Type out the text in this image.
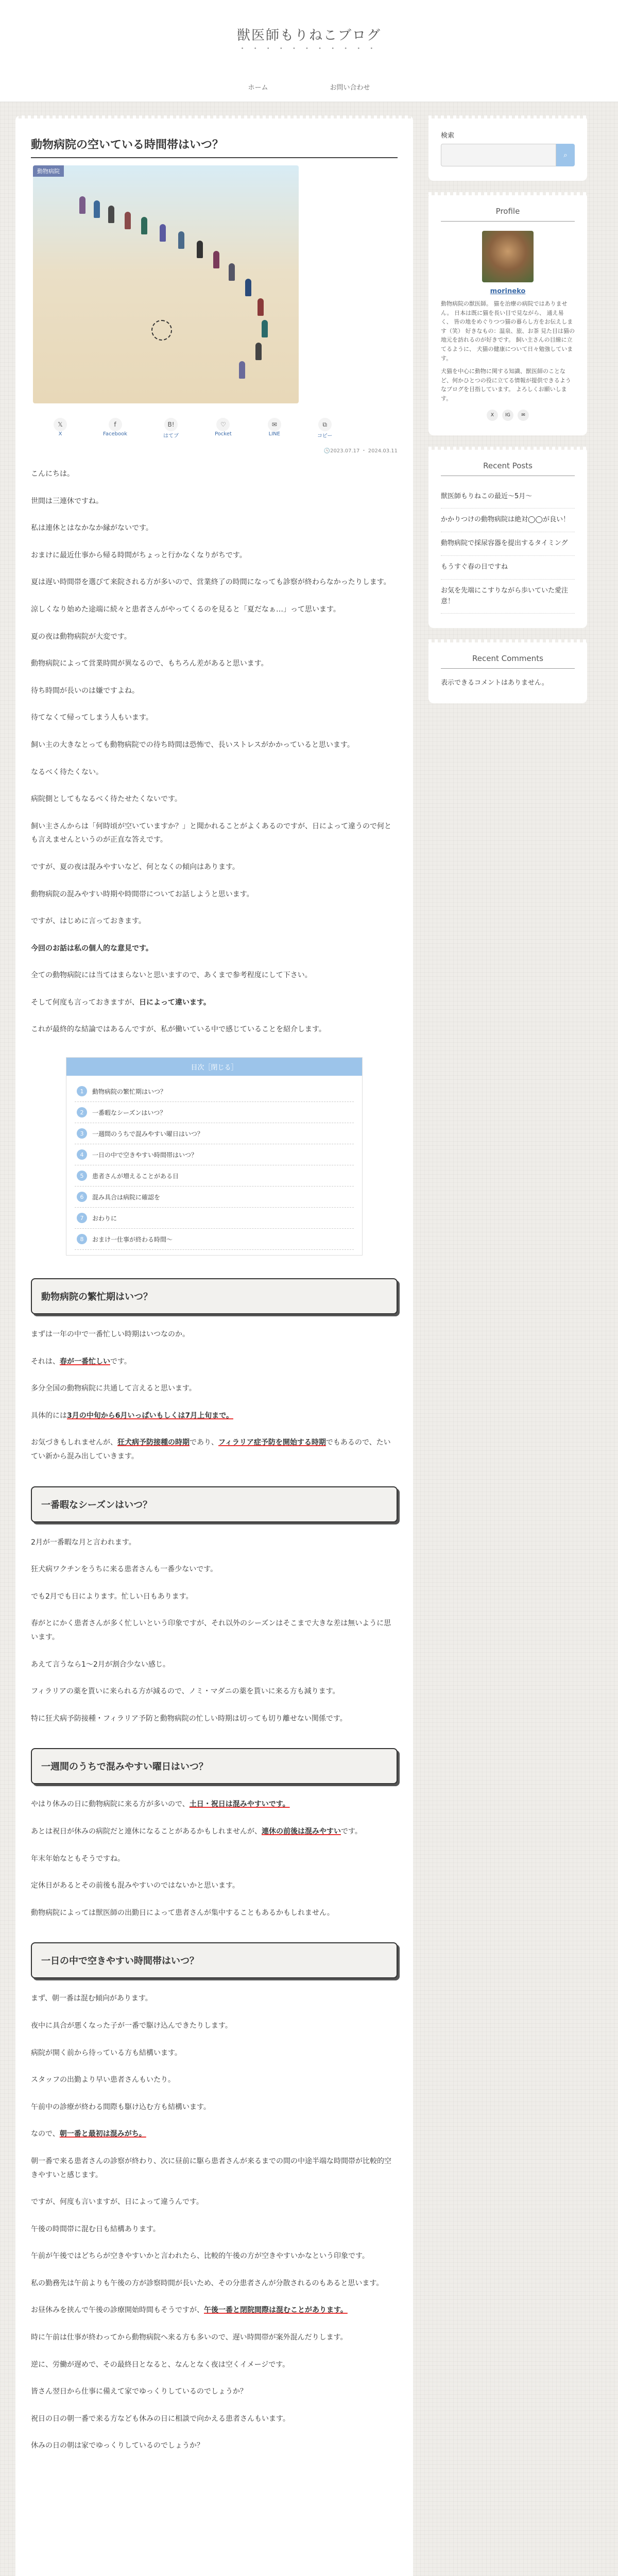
獣医師もりねこブログ
• • • • • • • • • • •
ホーム	お問い合わせ
動物病院の空いている時間帯はいつ？
動物病院
𝕏
X
f
Facebook
B!
はてブ
♡
Pocket
✉
LINE
⧉
コピー
🕓2023.07.17 ・ 2024.03.11

こんにちは。

世間は三連休ですね。

私は連休とはなかなか縁がないです。

おまけに最近仕事から帰る時間がちょっと行かなくなりがちです。

夏は遅い時間帯を選びて来院される方が多いので、営業終了の時間になっても診察が終わらなかったりします。

涼しくなり始めた途端に続々と患者さんがやってくるのを見ると「夏だなぁ…」って思います。

夏の夜は動物病院が大変です。

動物病院によって営業時間が異なるので、もちろん差があると思います。

待ち時間が長いのは嫌ですよね。

待てなくて帰ってしまう人もいます。

飼い主の大きなとっても動物病院での待ち時間は恐怖で、長いストレスがかかっていると思います。

なるべく待たくない。

病院側としてもなるべく待たせたくないです。

飼い主さんからは「何時頃が空いていますか？」と聞かれることがよくあるのですが、日によって違うので何とも言えませんというのが正直な答えです。

ですが、夏の夜は混みやすいなど、何となくの傾向はあります。

動物病院の混みやすい時期や時間帯についてお話しようと思います。

ですが、はじめに言っておきます。

今回のお話は私の個人的な意見です。

全ての動物病院には当てはまらないと思いますので、あくまで参考程度にして下さい。

そして何度も言っておきますが、日によって違います。

これが最終的な結論ではあるんですが、私が働いている中で感じていることを紹介します。

目次［閉じる］
1	動物病院の繁忙期はいつ？
2	一番暇なシーズンはいつ？
3	一週間のうちで混みやすい曜日はいつ？
4	一日の中で空きやすい時間帯はいつ？
5	患者さんが増えることがある日
6	混み具合は病院に確認を
7	おわりに
8	おまけ一仕事が終わる時間〜
動物病院の繁忙期はいつ？

まずは一年の中で一番忙しい時期はいつなのか。

それは、春が一番忙しいです。

多分全国の動物病院に共通して言えると思います。

具体的には3月の中旬から6月いっぱいもしくは7月上旬まで。

お気づきもしれませんが、狂犬病予防接種の時期であり、フィラリア症予防を開始する時期でもあるので、たいてい新から混み出していきます。

一番暇なシーズンはいつ？

2月が一番暇な月と言われます。

狂犬病ワクチンをうちに来る患者さんも一番少ないです。

でも2月でも日によります。忙しい日もあります。

春がとにかく患者さんが多く忙しいという印象ですが、それ以外のシーズンはそこまで大きな差は無いように思います。

あえて言うなら1〜2月が割合少ない感じ。

フィラリアの薬を貰いに来られる方が減るので、ノミ・マダニの薬を貰いに来る方も減ります。

特に狂犬病予防接種・フィラリア予防と動物病院の忙しい時期は切っても切り離せない関係です。

一週間のうちで混みやすい曜日はいつ？

やはり休みの日に動物病院に来る方が多いので、土日・祝日は混みやすいです。

あとは祝日が休みの病院だと連休になることがあるかもしれませんが、連休の前後は混みやすいです。

年末年始なともそうですね。

定休日があるとその前後も混みやすいのではないかと思います。

動物病院によっては獣医師の出勤日によって患者さんが集中することもあるかもしれません。

一日の中で空きやすい時間帯はいつ？

まず、朝一番は混む傾向があります。

夜中に具合が悪くなった子が一番で駆け込んできたりします。

病院が開く前から待っている方も結構います。

スタッフの出勤より早い患者さんもいたり。

午前中の診療が終わる間際も駆け込む方も結構います。

なので、朝一番と最初は混みがち。

朝一番で来る患者さんの診察が終わり、次に昼前に駆ら患者さんが来るまでの間の中途半端な時間帯が比較的空きやすいと感じます。

ですが、何度も言いますが、日によって違うんです。

午後の時間帯に混む日も結構あります。

午前が午後ではどちらが空きやすいかと言われたら、比較的午後の方が空きやすいかなという印象です。

私の勤務先は午前よりも午後の方が診察時間が長いため、その分患者さんが分散されるのもあると思います。

お昼休みを挟んで午後の診療開始時間もそうですが、午後一番と閉院間際は混むことがあります。

時に午前は仕事が終わってから動物病院へ来る方も多いので、遅い時間帯が案外混んだりします。

逆に、労働が遅めで、その最終日となると、なんとなく夜は空くイメージです。

皆さん翌日から仕事に備えて家でゆっくりしているのでしょうか？

祝日の日の朝一番で来る方なども休みの日に相談で向かえる患者さんもいます。

休みの日の朝は家でゆっくりしているのでしょうか？

検索
⌕
Profile
morineko
動物病院の獣医師。 猫を治療の病院ではありません。 日本は既に猫を長い目で見ながら、 通え易く、 皆の地をめぐりつつ猫の暮らし方をお伝えします（笑） 好きなもの：温泉、旅、お茶 見た目は猫の地元を訪れるのが好きです。 飼い主さんの目線に立てるように、 犬猫の健康について日々勉強しています。
犬猫を中心に動物に関する知識、獣医師のことなど、何かひとつの役に立てる情報が提供できるようなブログを目指しています。 よろしくお願いします。
X	IG	✉
Recent Posts
獣医師もりねこの最近〜5月〜
かかりつけの動物病院は絶対◯◯が良い！
動物病院で採尿容器を提出するタイミング
もうすぐ春の日ですね
お気を先端にこすりながら歩いていた愛注意！
Recent Comments
表示できるコメントはありません。
